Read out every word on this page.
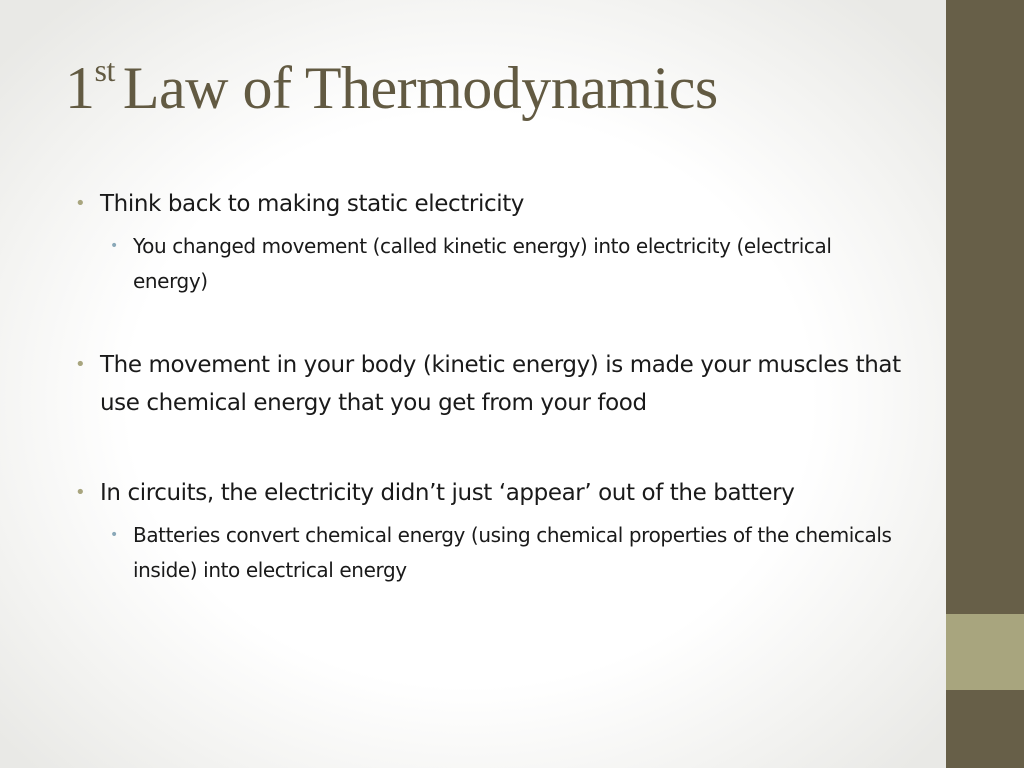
1st Law of Thermodynamics
• Think back to making static electricity
• You changed movement (called kinetic energy) into electricity (electrical energy)
• The movement in your body (kinetic energy) is made your muscles that use chemical energy that you get from your food
• In circuits, the electricity didn’t just ‘appear’ out of the battery
• Batteries convert chemical energy (using chemical properties of the chemicals inside) into electrical energy
